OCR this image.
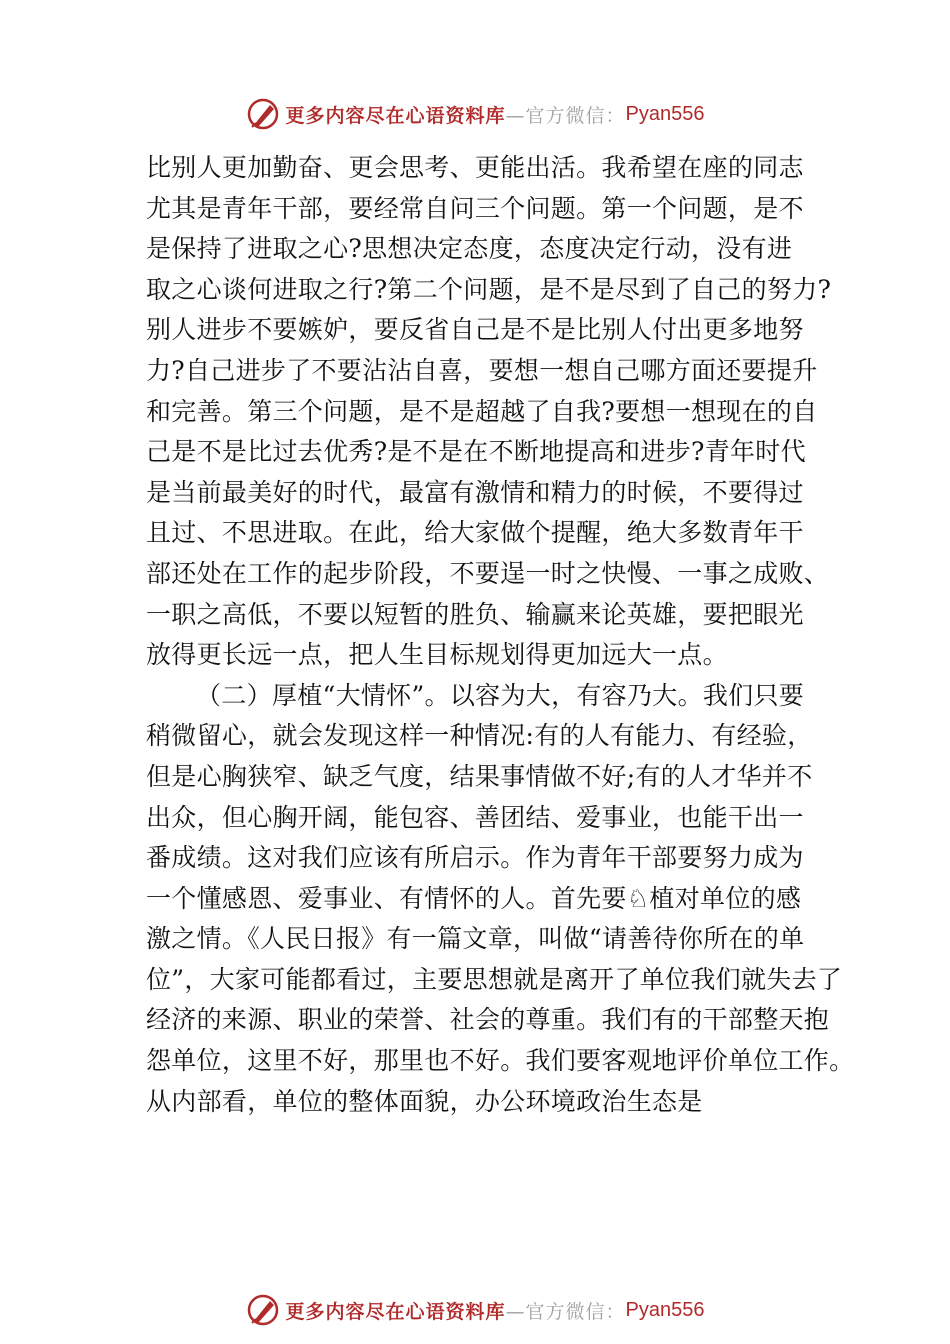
更多内容尽在心语资料库 —官方微信： Pyan556
比别人更加勤奋、更会思考、更能出活。我希望在座的同志
尤其是青年干部，要经常自问三个问题。第一个问题，是不
是保持了进取之心?思想决定态度，态度决定行动，没有进
取之心谈何进取之行?第二个问题，是不是尽到了自己的努力?
别人进步不要嫉妒，要反省自己是不是比别人付出更多地努
力?自己进步了不要沾沾自喜，要想一想自己哪方面还要提升
和完善。第三个问题，是不是超越了自我?要想一想现在的自
己是不是比过去优秀?是不是在不断地提高和进步?青年时代
是当前最美好的时代，最富有激情和精力的时候，不要得过
且过、不思进取。在此，给大家做个提醒，绝大多数青年干
部还处在工作的起步阶段，不要逞一时之快慢、一事之成败、
一职之高低，不要以短暂的胜负、输赢来论英雄，要把眼光
放得更长远一点，把人生目标规划得更加远大一点。
（二）厚植“大情怀”。以容为大，有容乃大。我们只要
稍微留心，就会发现这样一种情况:有的人有能力、有经验，
但是心胸狭窄、缺乏气度，结果事情做不好;有的人才华并不
出众，但心胸开阔，能包容、善团结、爱事业，也能干出一
番成绩。这对我们应该有所启示。作为青年干部要努力成为
一个懂感恩、爱事业、有情怀的人。首先要♘植对单位的感
激之情。《人民日报》有一篇文章，叫做“请善待你所在的单
位”，大家可能都看过，主要思想就是离开了单位我们就失去了
经济的来源、职业的荣誉、社会的尊重。我们有的干部整天抱
怨单位，这里不好，那里也不好。我们要客观地评价单位工作。
从内部看，单位的整体面貌，办公环境政治生态是
更多内容尽在心语资料库 —官方微信： Pyan556
